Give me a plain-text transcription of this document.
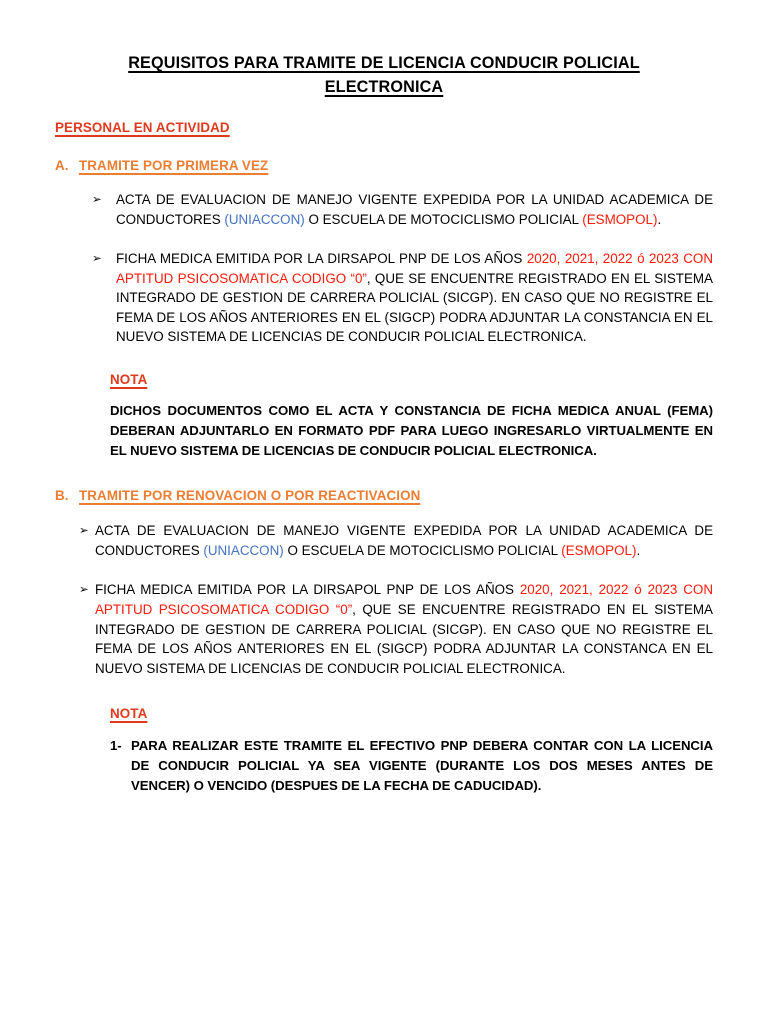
REQUISITOS PARA TRAMITE DE LICENCIA CONDUCIR POLICIAL
ELECTRONICA
PERSONAL EN ACTIVIDAD
A. TRAMITE POR PRIMERA VEZ
➢	ACTA DE EVALUACION DE MANEJO VIGENTE EXPEDIDA POR LA UNIDAD ACADEMICA DE CONDUCTORES (UNIACCON) O ESCUELA DE MOTOCICLISMO POLICIAL (ESMOPOL).
➢	FICHA MEDICA EMITIDA POR LA DIRSAPOL PNP DE LOS AÑOS 2020, 2021, 2022 ó 2023 CON APTITUD PSICOSOMATICA CODIGO “0”, QUE SE ENCUENTRE REGISTRADO EN EL SISTEMA INTEGRADO DE GESTION DE CARRERA POLICIAL (SICGP). EN CASO QUE NO REGISTRE EL FEMA DE LOS AÑOS ANTERIORES EN EL (SIGCP) PODRA ADJUNTAR LA CONSTANCIA EN EL NUEVO SISTEMA DE LICENCIAS DE CONDUCIR POLICIAL ELECTRONICA.
NOTA
DICHOS DOCUMENTOS COMO EL ACTA Y CONSTANCIA DE FICHA MEDICA ANUAL (FEMA) DEBERAN ADJUNTARLO EN FORMATO PDF PARA LUEGO INGRESARLO VIRTUALMENTE EN EL NUEVO SISTEMA DE LICENCIAS DE CONDUCIR POLICIAL ELECTRONICA.
B. TRAMITE POR RENOVACION O POR REACTIVACION
➢ ACTA DE EVALUACION DE MANEJO VIGENTE EXPEDIDA POR LA UNIDAD ACADEMICA DE CONDUCTORES (UNIACCON) O ESCUELA DE MOTOCICLISMO POLICIAL (ESMOPOL).
➢ FICHA MEDICA EMITIDA POR LA DIRSAPOL PNP DE LOS AÑOS 2020, 2021, 2022 ó 2023 CON APTITUD PSICOSOMATICA CODIGO “0”, QUE SE ENCUENTRE REGISTRADO EN EL SISTEMA INTEGRADO DE GESTION DE CARRERA POLICIAL (SICGP). EN CASO QUE NO REGISTRE EL FEMA DE LOS AÑOS ANTERIORES EN EL (SIGCP) PODRA ADJUNTAR LA CONSTANCA EN EL NUEVO SISTEMA DE LICENCIAS DE CONDUCIR POLICIAL ELECTRONICA.
NOTA
1- PARA REALIZAR ESTE TRAMITE EL EFECTIVO PNP DEBERA CONTAR CON LA LICENCIA DE CONDUCIR POLICIAL YA SEA VIGENTE (DURANTE LOS DOS MESES ANTES DE VENCER) O VENCIDO (DESPUES DE LA FECHA DE CADUCIDAD).
